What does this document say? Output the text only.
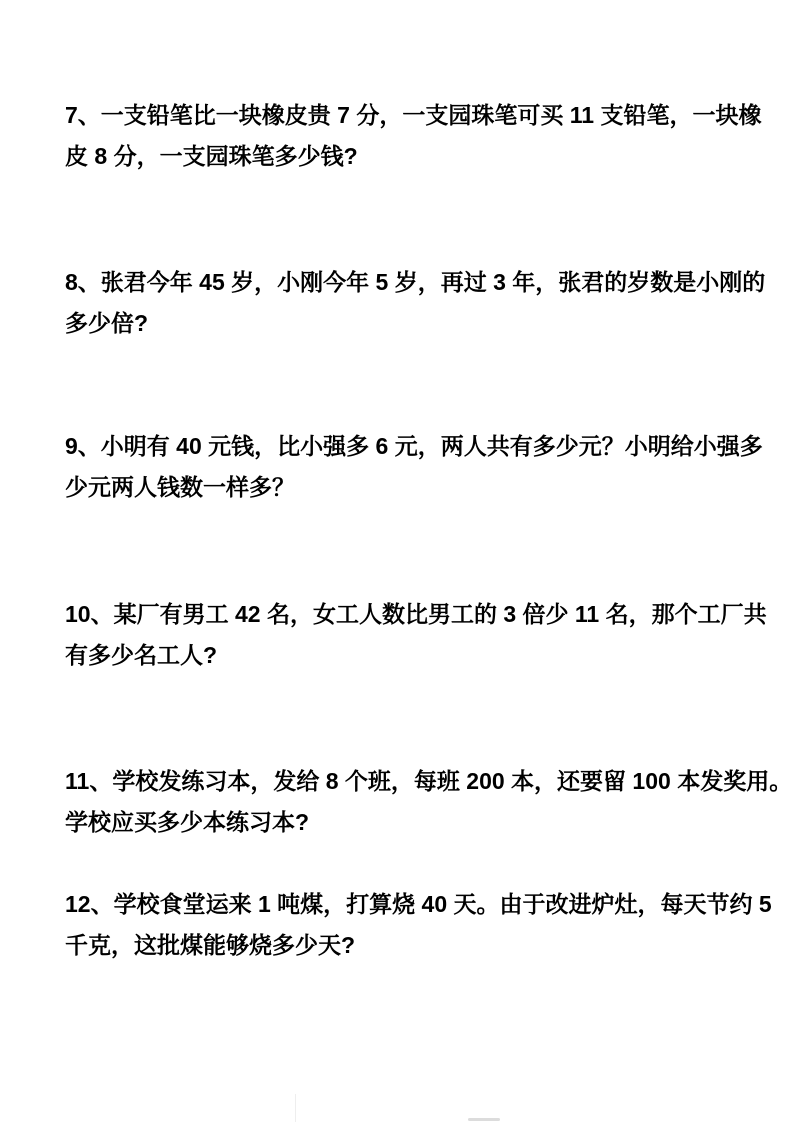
7、一支铅笔比一块橡皮贵 7 分，一支园珠笔可买 11 支铅笔，一块橡
皮 8 分，一支园珠笔多少钱?
8、张君今年 45 岁，小刚今年 5 岁，再过 3 年，张君的岁数是小刚的
多少倍?
9、小明有 40 元钱，比小强多 6 元，两人共有多少元？小明给小强多
少元两人钱数一样多？
10、某厂有男工 42 名，女工人数比男工的 3 倍少 11 名，那个工厂共
有多少名工人?
11、学校发练习本，发给 8 个班，每班 200 本，还要留 100 本发奖用。
学校应买多少本练习本?
12、学校食堂运来 1 吨煤，打算烧 40 天。由于改进炉灶，每天节约 5
千克，这批煤能够烧多少天?
